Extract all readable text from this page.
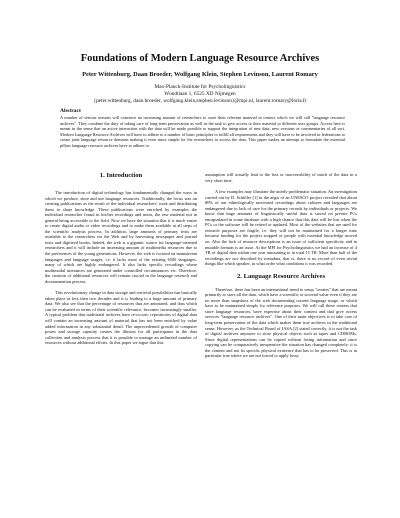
Foundations of Modern Language Resource Archives
Peter Wittenburg, Daan Broeder, Wolfgang Klein, Stephen Levinson, Laurent Romary
Max-Planck-Institute for Psycholinguistics
Wundtlaan 1, 6525 XD Nijmegen
{peter.wittenburg, daan.broeder, wolfgang.klein,stephen.levinson}@mpi.nl, laurent.romary@loria.fr
Abstract
A number of serious reasons will convince an increasing amount of researchers to store their relevant material in centers which we will call "language resource archives". They combine the duty of taking care of long-term preservation as well as the task to give access to their material to different user groups. Access here is meant in the sense that an active interaction with the data will be made possible to support the integration of new data, new versions or commentaries of all sort. Modern Language Resource Archives will have to adhere to a number of basic principles to fulfill all requirements and they will have to be involved in federations to create joint language resource domains making it even more simple for the researchers to access the data. This paper makes an attempt to formulate the essential pillars language resource archives have to adhere to.
1. Introduction

The introduction of digital technology has fundamentally changed the ways in which we produce, store and use language resources. Traditionally, the focus was on creating publications as the result of the individual researchers' work and distributing them to share knowledge. These publications were enriched by examples the individual researcher found in his/her recordings and notes, the raw material not in general being accessible to the field. Now we have the situation that it is much easier to create digital audio or video recordings and to make them available at all steps of the scientific analysis process. In addition, large amounts of primary texts are available to the researchers via the Web and by harvesting newspaper and journal texts and digitized books. Indeed, the web is a gigantic source for language-oriented researchers and it will include an increasing amount of multimedia resources due to the preferences of the young generations. However, the web is focused on mainstream languages and language usages, i.e. it lacks most of the existing 6500 languages, many of which are highly endangered. It also lacks specific recordings where multimodal utterances are generated under controlled circumstances etc. Therefore, the creation of additional resources will remain crucial in the language research and documentation process.

This revolutionary change in data storage and retrieval possibilities has basically taken place in less then two decades and it is leading to a huge amount of primary data. We also see that the percentage of resources that are annotated, and thus which can be evaluated in terms of their scientific relevance, becomes increasingly smaller. A typical problem that traditional archives have re-occurs: repositories of digital data will contain an increasing amount of material that has not been enriched by value added information in any substantial detail. The unprecedented growth of computer power and storage capacity creates the illusion for all participants in the data collection and analysis process that it is possible to manage an unlimited number of resources without additional efforts. In this paper we argue that this

assumption will actually lead to the loss or inaccessibility of much of the data in a very short time.

A few examples may illustrate the utterly problematic situation. An investigation carried out by D. Schüller [1] in the aegis of an UNESCO project revealed that about 80% of our ethnologically motivated recordings about cultures and languages are endangered due to lack of care for the primary records by individuals or projects. We know that huge amounts of linguistically useful data is stored on private PCs encapsulated in some database with a high chance that this data will be lost when the PCs or the software will be retired or updated. Most of the websites that are used for research purposes are fragile, i.e. they will not be maintained for a longer time because funding for the project stopped or people with essential knowledge moved on. Also the lack of resource descriptions is an issue of sufficient specificity and in mutable formats is an issue. At the MPI for Psycholinguistics we had an increase of 4 TB of digital data within one year amounting to in total 15 TB. More than half of the recordings are not described by metadata, that is, there is no record of even trivial things like which speaker, in what order what conditions it was recorded.

2. Language Resource Archives

Therefore, there has been an international trend to setup "centers" that are meant primarily to store all the data, which have a scientific or societal value even if they are no more than snapshots of the web documenting current language usage, or which have to be maintained simply for reference purposes. We will call these centers that store language resources, have expertise about their content and that give access services "language resource archives". One of their main objectives is to take care of long-term preservation of the data which makes them true archives in the traditional sense. However, as the Technical Board of IASA [2] stated correctly, it is not the task of digital archives anymore to store physical objects such as tapes and CDROMs. Since digital representations can be copied without losing information and since copying can be comparatively inexpensive the situation has changed completely: it is the content and not its specific physical existence that has to be preserved. This is in particular true where we are not forced to apply lossy
